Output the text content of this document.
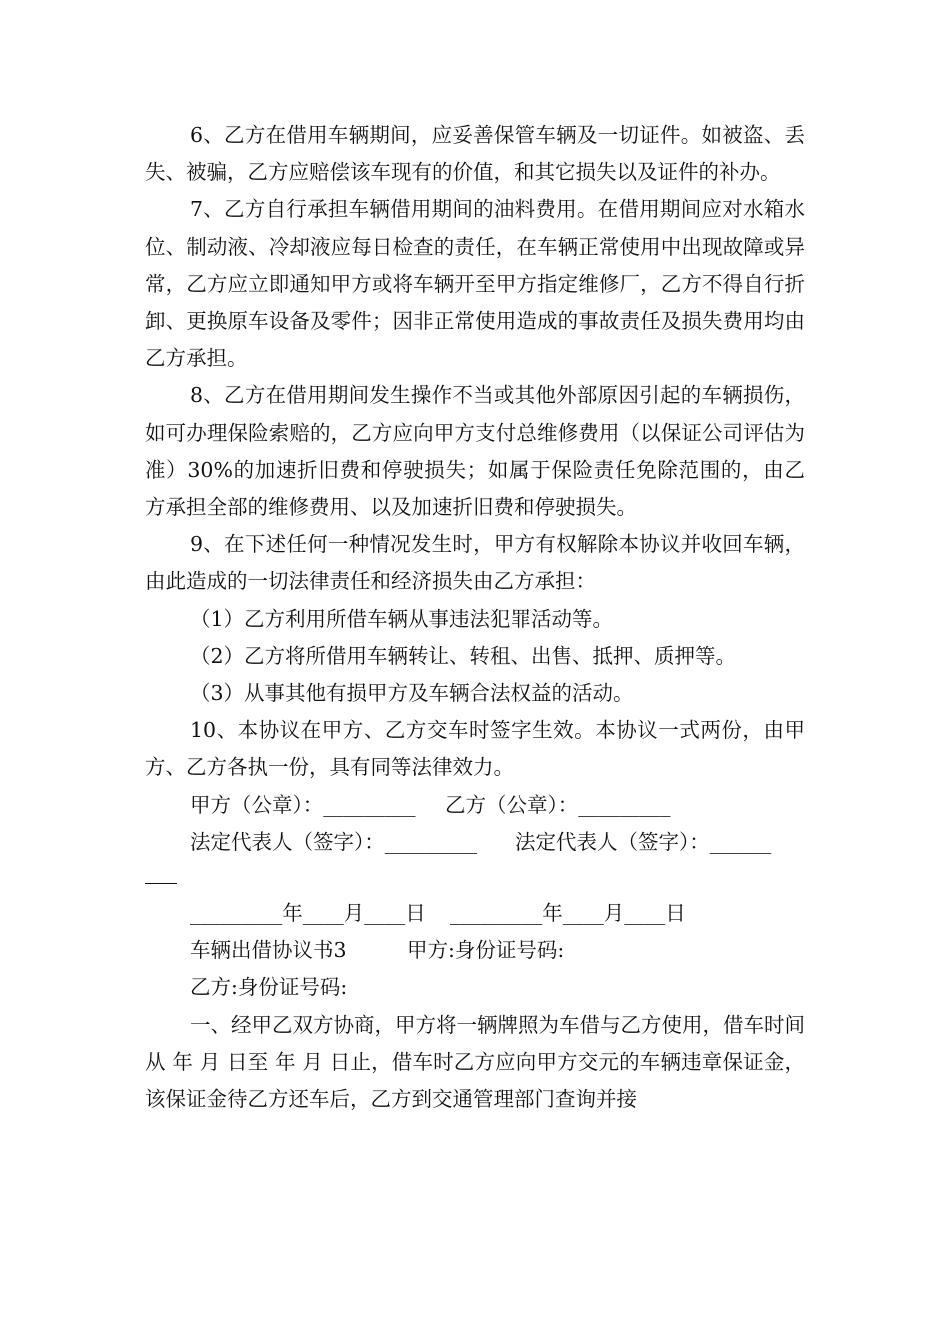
6、乙方在借用车辆期间，应妥善保管车辆及一切证件。如被盗、丢失、被骗，乙方应赔偿该车现有的价值，和其它损失以及证件的补办。

7、乙方自行承担车辆借用期间的油料费用。在借用期间应对水箱水位、制动液、冷却液应每日检查的责任，在车辆正常使用中出现故障或异常，乙方应立即通知甲方或将车辆开至甲方指定维修厂，乙方不得自行折卸、更换原车设备及零件；因非正常使用造成的事故责任及损失费用均由乙方承担。

8、乙方在借用期间发生操作不当或其他外部原因引起的车辆损伤，如可办理保险索赔的，乙方应向甲方支付总维修费用（以保证公司评估为准）30%的加速折旧费和停驶损失；如属于保险责任免除范围的，由乙方承担全部的维修费用、以及加速折旧费和停驶损失。

9、在下述任何一种情况发生时，甲方有权解除本协议并收回车辆，由此造成的一切法律责任和经济损失由乙方承担：

（1）乙方利用所借车辆从事违法犯罪活动等。

（2）乙方将所借用车辆转让、转租、出售、抵押、质押等。

（3）从事其他有损甲方及车辆合法权益的活动。

10、本协议在甲方、乙方交车时签字生效。本协议一式两份，由甲方、乙方各执一份，具有同等法律效力。

甲方（公章）：_________ 乙方（公章）：_________
法定代表人（签字）：_________ 法定代表人（签字）：______
_________年____月____日 _________年____月____日
车辆出借协议书3	甲方:身份证号码:
乙方:身份证号码:

一、经甲乙双方协商，甲方将一辆牌照为车借与乙方使用，借车时间从 年 月 日至 年 月 日止，借车时乙方应向甲方交元的车辆违章保证金，该保证金待乙方还车后，乙方到交通管理部门查询并接
